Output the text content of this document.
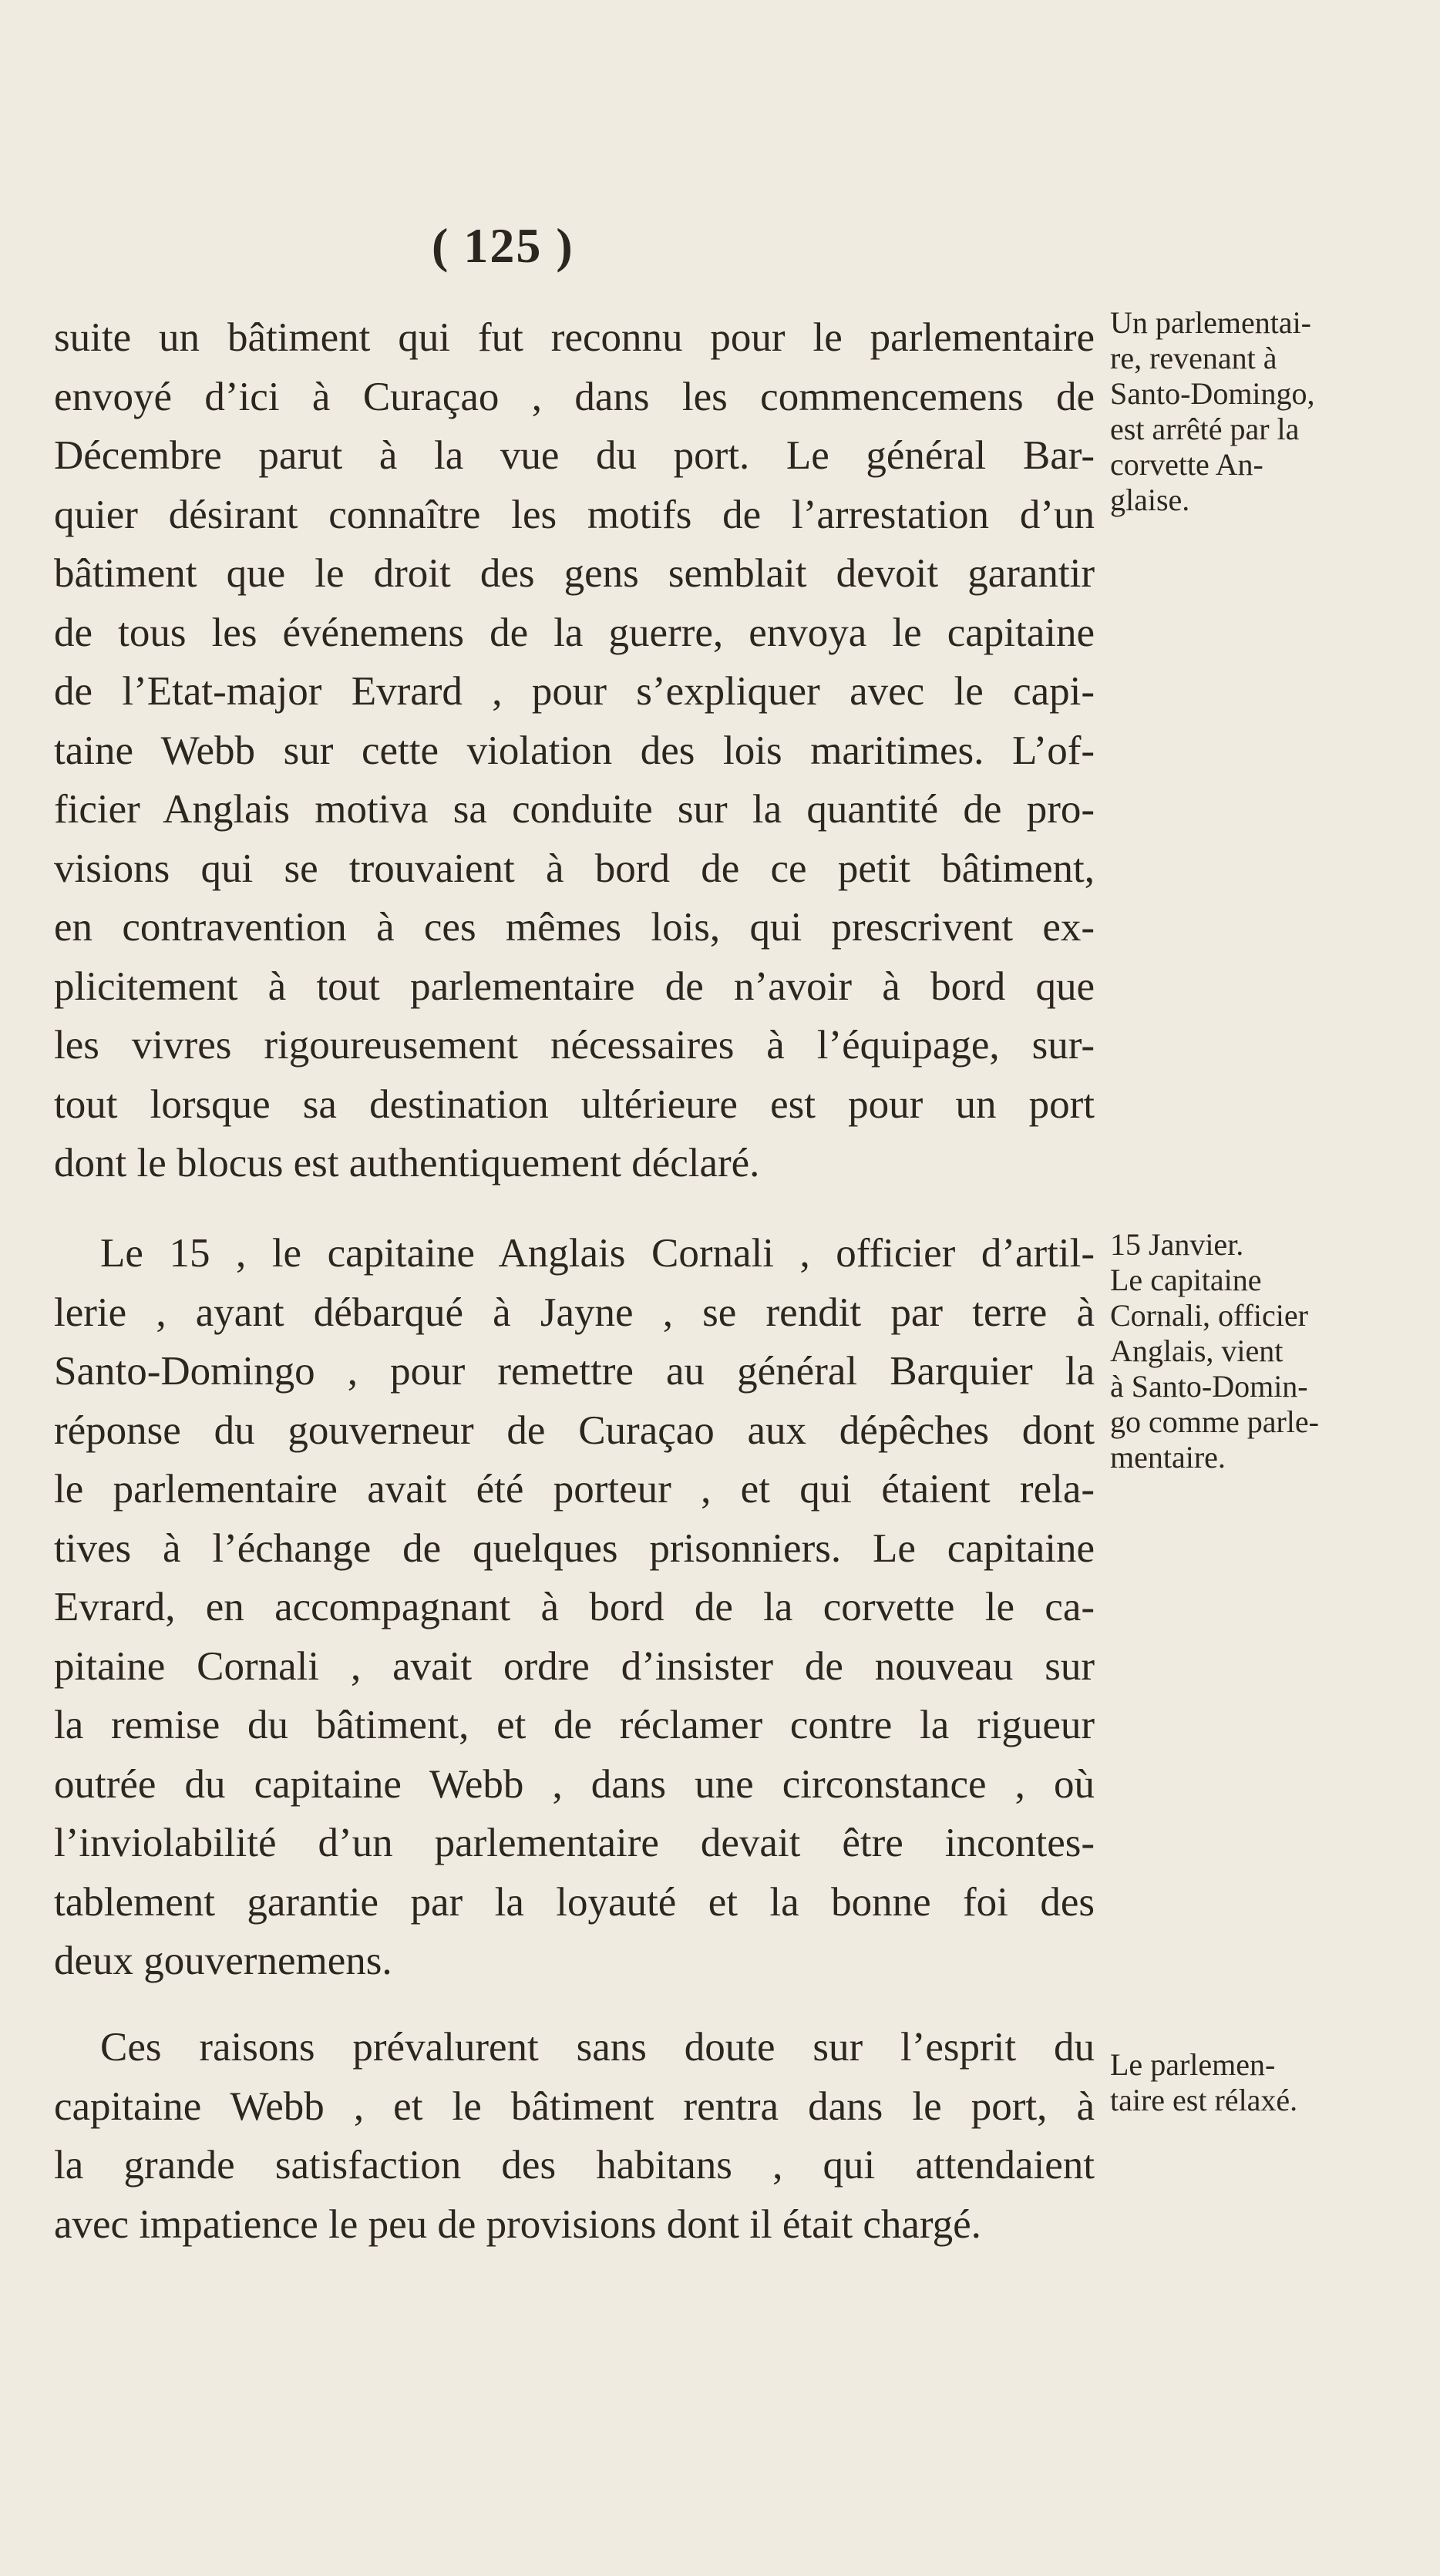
( 125 )
suite un bâtiment qui fut reconnu pour le parlementaire
envoyé d’ici à Curaçao , dans les commencemens de
Décembre parut à la vue du port. Le général Bar-
quier désirant connaître les motifs de l’arrestation d’un
bâtiment que le droit des gens semblait devoit garantir
de tous les événemens de la guerre, envoya le capitaine
de l’Etat-major Evrard , pour s’expliquer avec le capi-
taine Webb sur cette violation des lois maritimes. L’of-
ficier Anglais motiva sa conduite sur la quantité de pro-
visions qui se trouvaient à bord de ce petit bâtiment,
en contravention à ces mêmes lois, qui prescrivent ex-
plicitement à tout parlementaire de n’avoir à bord que
les vivres rigoureusement nécessaires à l’équipage, sur-
tout lorsque sa destination ultérieure est pour un port
dont le blocus est authentiquement déclaré.
Le 15 , le capitaine Anglais Cornali , officier d’artil-
lerie , ayant débarqué à Jayne , se rendit par terre à
Santo-Domingo , pour remettre au général Barquier la
réponse du gouverneur de Curaçao aux dépêches dont
le parlementaire avait été porteur , et qui étaient rela-
tives à l’échange de quelques prisonniers. Le capitaine
Evrard, en accompagnant à bord de la corvette le ca-
pitaine Cornali , avait ordre d’insister de nouveau sur
la remise du bâtiment, et de réclamer contre la rigueur
outrée du capitaine Webb , dans une circonstance , où
l’inviolabilité d’un parlementaire devait être incontes-
tablement garantie par la loyauté et la bonne foi des
deux gouvernemens.
Ces raisons prévalurent sans doute sur l’esprit du
capitaine Webb , et le bâtiment rentra dans le port, à
la grande satisfaction des habitans , qui attendaient
avec impatience le peu de provisions dont il était chargé.
Un parlementai-
re, revenant à
Santo-Domingo,
est arrêté par la
corvette An-
glaise.
15 Janvier.
Le capitaine
Cornali, officier
Anglais, vient
à Santo-Domin-
go comme parle-
mentaire.
Le parlemen-
taire est rélaxé.
